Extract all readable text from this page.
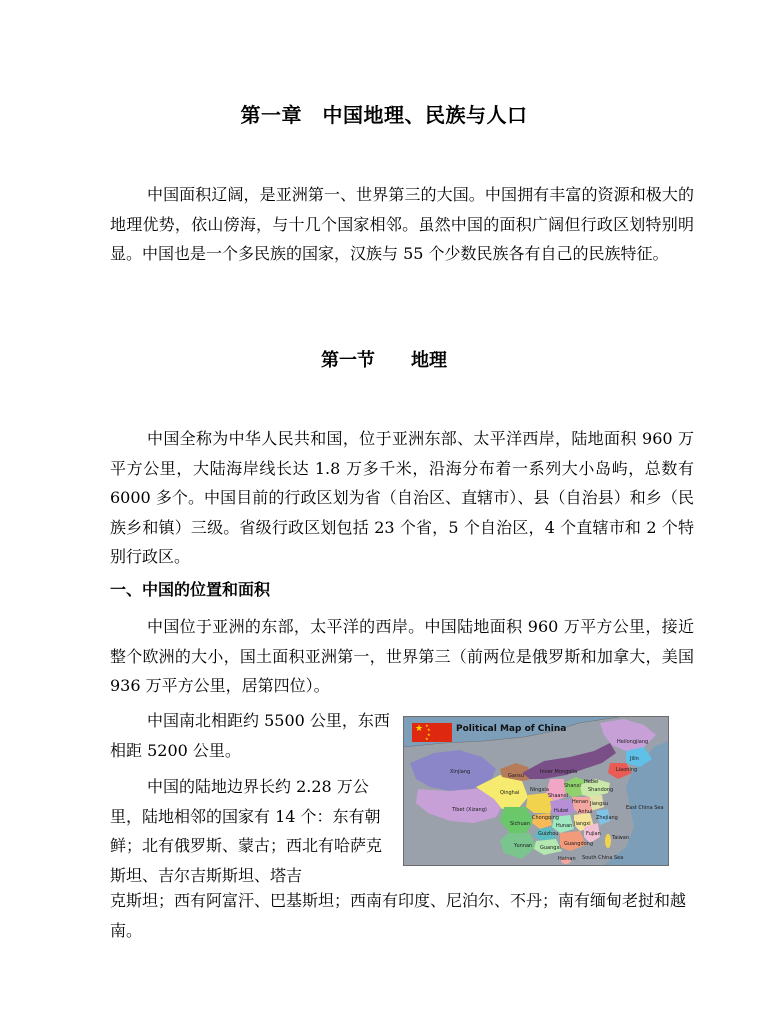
第一章　中国地理、民族与人口

中国面积辽阔，是亚洲第一、世界第三的大国。中国拥有丰富的资源和极大的地理优势，依山傍海，与十几个国家相邻。虽然中国的面积广阔但行政区划特别明显。中国也是一个多民族的国家，汉族与 55 个少数民族各有自己的民族特征。

第一节　　地理

中国全称为中华人民共和国，位于亚洲东部、太平洋西岸，陆地面积 960 万平方公里，大陆海岸线长达 1.8 万多千米，沿海分布着一系列大小岛屿，总数有 6000 多个。中国目前的行政区划为省（自治区、直辖市）、县（自治县）和乡（民族乡和镇）三级。省级行政区划包括 23 个省，5 个自治区，4 个直辖市和 2 个特别行政区。

一、中国的位置和面积

中国位于亚洲的东部，太平洋的西岸。中国陆地面积 960 万平方公里，接近整个欧洲的大小，国土面积亚洲第一，世界第三（前两位是俄罗斯和加拿大，美国 936 万平方公里，居第四位）。

中国南北相距约 5500 公里，东西相距 5200 公里。

中国的陆地边界长约 2.28 万公里，陆地相邻的国家有 14 个：东有朝鲜；北有俄罗斯、蒙古；西北有哈萨克斯坦、吉尔吉斯斯坦、塔吉

克斯坦；西有阿富汗、巴基斯坦；西南有印度、尼泊尔、不丹；南有缅甸老挝和越南。

★ ★
★
★
★
Political Map of China
Heilongjiang
Jilin
Liaoning
Inner Mongolia
Xinjiang
Gansu
Qinghai
Tibet (Xizang)
Sichuan
Yunnan
Guizhou
Guangxi
Guangdong
Hunan
Hubei
Henan
Shaanxi
Shanxi
Hebei
Shandong
Jiangsu
Zhejiang
Fujian
Jiangxi
Anhui
Ningxia
Chongqing
Hainan
Taiwan
East China Sea
South China Sea
